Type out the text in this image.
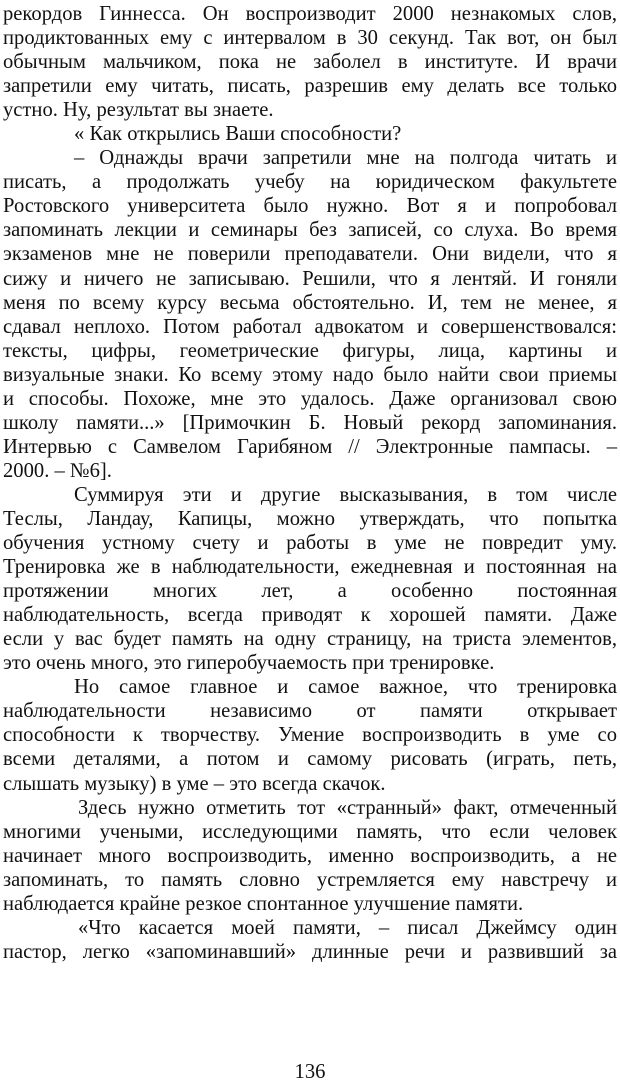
рекордов Гиннесса. Он воспроизводит 2000 незнакомых слов,
продиктованных ему с интервалом в 30 секунд. Так вот, он был
обычным мальчиком, пока не заболел в институте. И врачи
запретили ему читать, писать, разрешив ему делать все только
устно. Ну, результат вы знаете.
« Как открылись Ваши способности?
– Однажды врачи запретили мне на полгода читать и
писать, а продолжать учебу на юридическом факультете
Ростовского университета было нужно. Вот я и попробовал
запоминать лекции и семинары без записей, со слуха. Во время
экзаменов мне не поверили преподаватели. Они видели, что я
сижу и ничего не записываю. Решили, что я лентяй. И гоняли
меня по всему курсу весьма обстоятельно. И, тем не менее, я
сдавал неплохо. Потом работал адвокатом и совершенствовался:
тексты, цифры, геометрические фигуры, лица, картины и
визуальные знаки. Ко всему этому надо было найти свои приемы
и способы. Похоже, мне это удалось. Даже организовал свою
школу памяти...» [Примочкин Б. Новый рекорд запоминания.
Интервью с Самвелом Гарибяном // Электронные пампасы. –
2000. – №6].
Суммируя эти и другие высказывания, в том числе
Теслы, Ландау, Капицы, можно утверждать, что попытка
обучения устному счету и работы в уме не повредит уму.
Тренировка же в наблюдательности, ежедневная и постоянная на
протяжении многих лет, а особенно постоянная
наблюдательность, всегда приводят к хорошей памяти. Даже
если у вас будет память на одну страницу, на триста элементов,
это очень много, это гиперобучаемость при тренировке.
Но самое главное и самое важное, что тренировка
наблюдательности независимо от памяти открывает
способности к творчеству. Умение воспроизводить в уме со
всеми деталями, а потом и самому рисовать (играть, петь,
слышать музыку) в уме – это всегда скачок.
Здесь нужно отметить тот «странный» факт, отмеченный
многими учеными, исследующими память, что если человек
начинает много воспроизводить, именно воспроизводить, а не
запоминать, то память словно устремляется ему навстречу и
наблюдается крайне резкое спонтанное улучшение памяти.
«Что касается моей памяти, – писал Джеймсу один
пастор, легко «запоминавший» длинные речи и развивший за
136
